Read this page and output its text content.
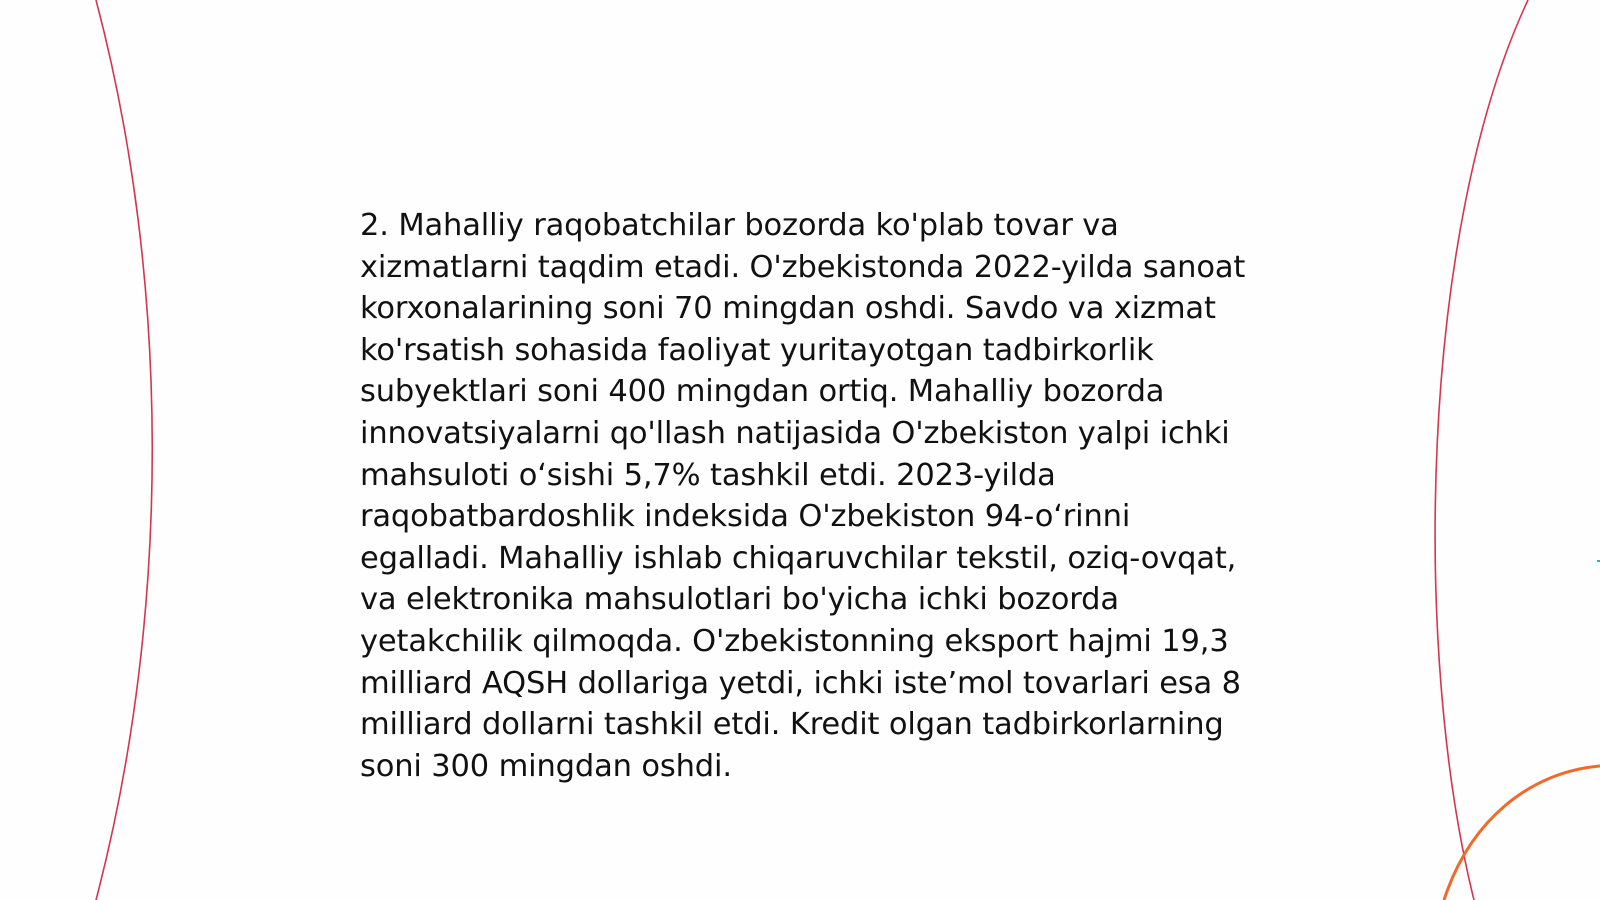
2. Mahalliy raqobatchilar bozorda ko'plab tovar va xizmatlarni taqdim etadi. O'zbekistonda 2022-yilda sanoat korxonalarining soni 70 mingdan oshdi. Savdo va xizmat ko'rsatish sohasida faoliyat yuritayotgan tadbirkorlik subyektlari soni 400 mingdan ortiq. Mahalliy bozorda innovatsiyalarni qo'llash natijasida O'zbekiston yalpi ichki mahsuloti o‘sishi 5,7% tashkil etdi. 2023-yilda raqobatbardoshlik indeksida O'zbekiston 94-o‘rinni egalladi. Mahalliy ishlab chiqaruvchilar tekstil, oziq-ovqat, va elektronika mahsulotlari bo'yicha ichki bozorda yetakchilik qilmoqda. O'zbekistonning eksport hajmi 19,3 milliard AQSH dollariga yetdi, ichki iste’mol tovarlari esa 8 milliard dollarni tashkil etdi. Kredit olgan tadbirkorlarning soni 300 mingdan oshdi.
